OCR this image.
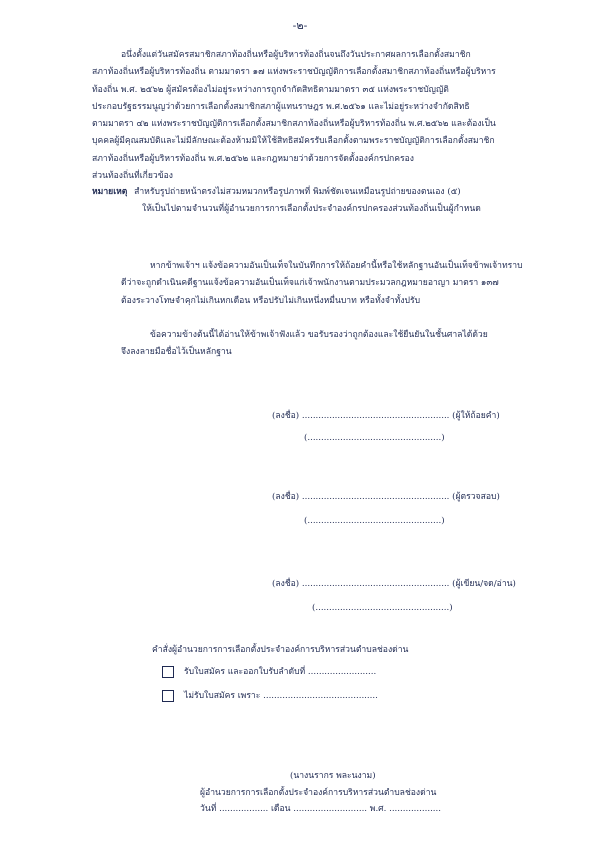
-๒-

อนึ่งตั้งแต่วันสมัครสมาชิกสภาท้องถิ่นหรือผู้บริหารท้องถิ่นจนถึงวันประกาศผลการเลือกตั้งสมาชิก

สภาท้องถิ่นหรือผู้บริหารท้องถิ่น ตามมาตรา ๑๗ แห่งพระราชบัญญัติการเลือกตั้งสมาชิกสภาท้องถิ่นหรือผู้บริหาร

ท้องถิ่น พ.ศ. ๒๕๖๒ ผู้สมัครต้องไม่อยู่ระหว่างการถูกจำกัดสิทธิตามมาตรา ๓๕ แห่งพระราชบัญญัติ

ประกอบรัฐธรรมนูญว่าด้วยการเลือกตั้งสมาชิกสภาผู้แทนราษฎร พ.ศ.๒๕๖๑ และไม่อยู่ระหว่างจำกัดสิทธิ

ตามมาตรา ๔๒ แห่งพระราชบัญญัติการเลือกตั้งสมาชิกสภาท้องถิ่นหรือผู้บริหารท้องถิ่น พ.ศ.๒๕๖๒ และต้องเป็น

บุคคลผู้มีคุณสมบัติและไม่มีลักษณะต้องห้ามมิให้ใช้สิทธิสมัครรับเลือกตั้งตามพระราชบัญญัติการเลือกตั้งสมาชิก

สภาท้องถิ่นหรือผู้บริหารท้องถิ่น พ.ศ.๒๕๖๒ และกฎหมายว่าด้วยการจัดตั้งองค์กรปกครอง

ส่วนท้องถิ่นที่เกี่ยวข้อง

หมายเหตุ สำหรับรูปถ่ายหน้าตรงไม่สวมหมวกหรือรูปภาพที่ พิมพ์ชัดเจนเหมือนรูปถ่ายของตนเอง (๕)

ให้เป็นไปตามจำนวนที่ผู้อำนวยการการเลือกตั้งประจำองค์กรปกครองส่วนท้องถิ่นเป็นผู้กำหนด

หากข้าพเจ้าฯ แจ้งข้อความอันเป็นเท็จในบันทึกการให้ถ้อยคำนี้หรือใช้หลักฐานอันเป็นเท็จข้าพเจ้าทราบ

ดีว่าจะถูกดำเนินคดีฐานแจ้งข้อความอันเป็นเท็จแก่เจ้าพนักงานตามประมวลกฎหมายอาญา มาตรา ๑๓๗

ต้องระวางโทษจำคุกไม่เกินหกเดือน หรือปรับไม่เกินหนึ่งหมื่นบาท หรือทั้งจำทั้งปรับ

ข้อความข้างต้นนี้ได้อ่านให้ข้าพเจ้าฟังแล้ว ขอรับรองว่าถูกต้องและใช้ยืนยันในชั้นศาลได้ด้วย

จึงลงลายมือชื่อไว้เป็นหลักฐาน

(ลงชื่อ) ...................................................... (ผู้ให้ถ้อยคำ)
(.................................................)
(ลงชื่อ) ...................................................... (ผู้ตรวจสอบ)
(.................................................)
(ลงชื่อ) ...................................................... (ผู้เขียน/จด/อ่าน)
(.................................................)
คำสั่งผู้อำนวยการการเลือกตั้งประจำองค์การบริหารส่วนตำบลช่องด่าน
รับใบสมัคร และออกใบรับลำดับที่ .........................
ไม่รับใบสมัคร เพราะ ..........................................
(นางนรากร พละนงาม)
ผู้อำนวยการการเลือกตั้งประจำองค์การบริหารส่วนตำบลช่องด่าน
วันที่ .................. เดือน ........................... พ.ศ. ...................
